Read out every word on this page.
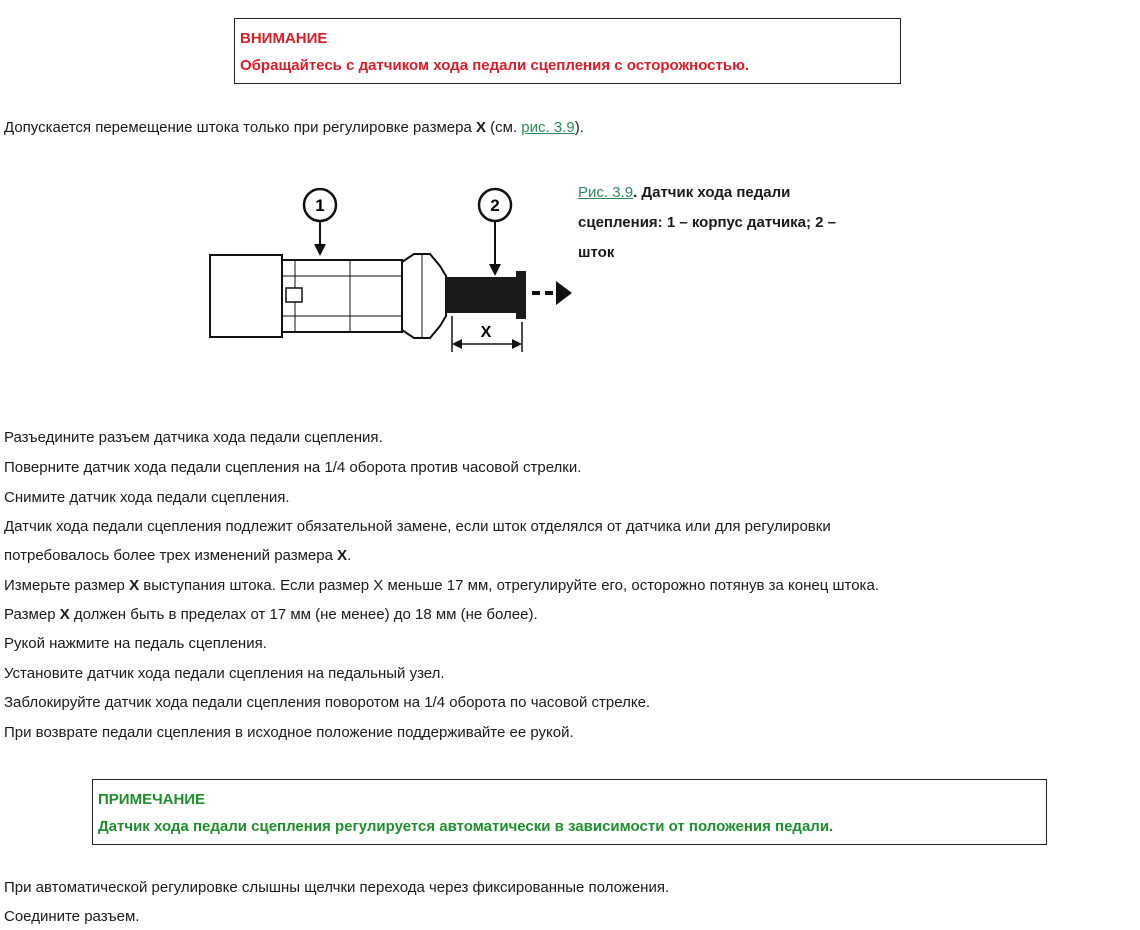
ВНИМАНИЕ
Обращайтесь с датчиком хода педали сцепления с осторожностью.
Допускается перемещение штока только при регулировке размера X (см. рис. 3.9).
1	2
X
Рис. 3.9. Датчик хода педали
сцепления: 1 – корпус датчика; 2 –
шток
Разъедините разъем датчика хода педали сцепления.
Поверните датчик хода педали сцепления на 1/4 оборота против часовой стрелки.
Снимите датчик хода педали сцепления.
Датчик хода педали сцепления подлежит обязательной замене, если шток отделялся от датчика или для регулировки
потребовалось более трех изменений размера X.
Измерьте размер X выступания штока. Если размер X меньше 17 мм, отрегулируйте его, осторожно потянув за конец штока.
Размер X должен быть в пределах от 17 мм (не менее) до 18 мм (не более).
Рукой нажмите на педаль сцепления.
Установите датчик хода педали сцепления на педальный узел.
Заблокируйте датчик хода педали сцепления поворотом на 1/4 оборота по часовой стрелке.
При возврате педали сцепления в исходное положение поддерживайте ее рукой.
ПРИМЕЧАНИЕ
Датчик хода педали сцепления регулируется автоматически в зависимости от положения педали.
При автоматической регулировке слышны щелчки перехода через фиксированные положения.
Соедините разъем.
